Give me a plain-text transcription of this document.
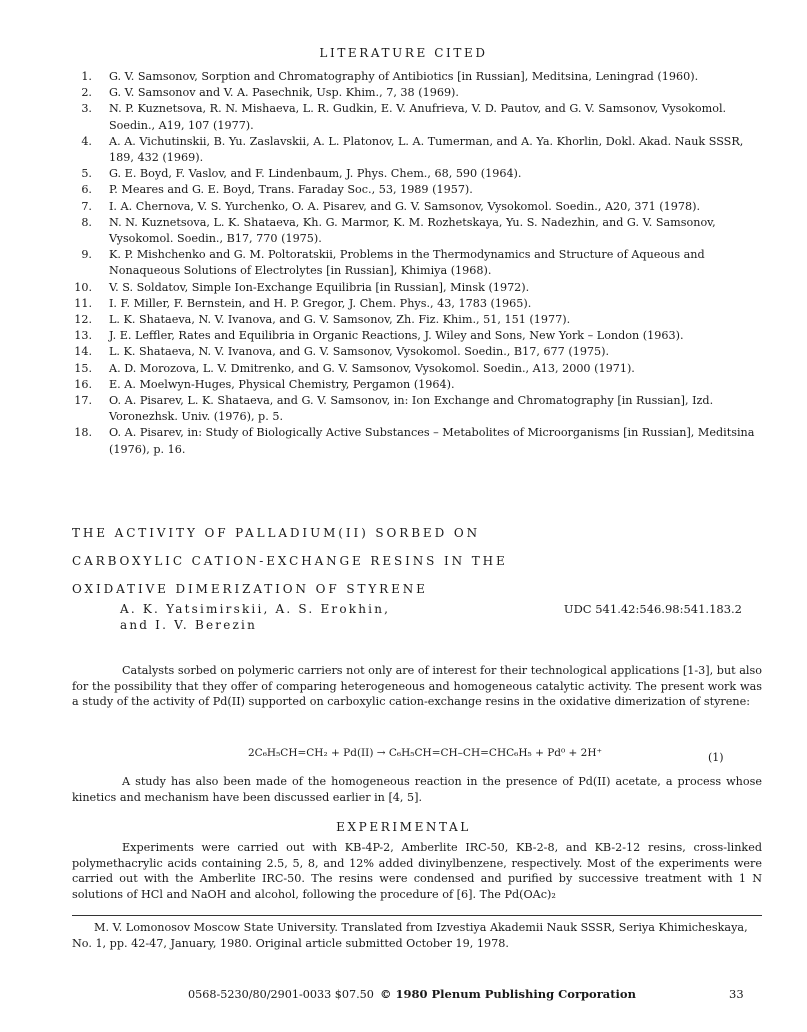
LITERATURE CITED
1. G. V. Samsonov, Sorption and Chromatography of Antibiotics [in Russian], Meditsina, Leningrad (1960).
2. G. V. Samsonov and V. A. Pasechnik, Usp. Khim., 7, 38 (1969).
3. N. P. Kuznetsova, R. N. Mishaeva, L. R. Gudkin, E. V. Anufrieva, V. D. Pautov, and G. V. Samsonov, Vysokomol. Soedin., A19, 107 (1977).
4. A. A. Vichutinskii, B. Yu. Zaslavskii, A. L. Platonov, L. A. Tumerman, and A. Ya. Khorlin, Dokl. Akad. Nauk SSSR, 189, 432 (1969).
5. G. E. Boyd, F. Vaslov, and F. Lindenbaum, J. Phys. Chem., 68, 590 (1964).
6. P. Meares and G. E. Boyd, Trans. Faraday Soc., 53, 1989 (1957).
7. I. A. Chernova, V. S. Yurchenko, O. A. Pisarev, and G. V. Samsonov, Vysokomol. Soedin., A20, 371 (1978).
8. N. N. Kuznetsova, L. K. Shataeva, Kh. G. Marmor, K. M. Rozhetskaya, Yu. S. Nadezhin, and G. V. Samsonov, Vysokomol. Soedin., B17, 770 (1975).
9. K. P. Mishchenko and G. M. Poltoratskii, Problems in the Thermodynamics and Structure of Aqueous and Nonaqueous Solutions of Electrolytes [in Russian], Khimiya (1968).
10. V. S. Soldatov, Simple Ion-Exchange Equilibria [in Russian], Minsk (1972).
11. I. F. Miller, F. Bernstein, and H. P. Gregor, J. Chem. Phys., 43, 1783 (1965).
12. L. K. Shataeva, N. V. Ivanova, and G. V. Samsonov, Zh. Fiz. Khim., 51, 151 (1977).
13. J. E. Leffler, Rates and Equilibria in Organic Reactions, J. Wiley and Sons, New York – London (1963).
14. L. K. Shataeva, N. V. Ivanova, and G. V. Samsonov, Vysokomol. Soedin., B17, 677 (1975).
15. A. D. Morozova, L. V. Dmitrenko, and G. V. Samsonov, Vysokomol. Soedin., A13, 2000 (1971).
16. E. A. Moelwyn-Huges, Physical Chemistry, Pergamon (1964).
17. O. A. Pisarev, L. K. Shataeva, and G. V. Samsonov, in: Ion Exchange and Chromatography [in Russian], Izd. Voronezhsk. Univ. (1976), p. 5.
18. O. A. Pisarev, in: Study of Biologically Active Substances – Metabolites of Microorganisms [in Russian], Meditsina (1976), p. 16.
THE ACTIVITY OF PALLADIUM(II) SORBED ON
CARBOXYLIC CATION-EXCHANGE RESINS IN THE
OXIDATIVE DIMERIZATION OF STYRENE
A. K. Yatsimirskii, A. S. Erokhin,
and I. V. Berezin
UDC 541.42:546.98:541.183.2

Catalysts sorbed on polymeric carriers not only are of interest for their technological applications [1-3], but also for the possibility that they offer of comparing heterogeneous and homogeneous catalytic activity. The present work was a study of the activity of Pd(II) supported on carboxylic cation-exchange resins in the oxidative dimerization of styrene:

2C₆H₅CH=CH₂ + Pd(II) → C₆H₅CH=CH–CH=CHC₆H₅ + Pd⁰ + 2H⁺	(1)

A study has also been made of the homogeneous reaction in the presence of Pd(II) acetate, a process whose kinetics and mechanism have been discussed earlier in [4, 5].

EXPERIMENTAL

Experiments were carried out with KB-4P-2, Amberlite IRC-50, KB-2-8, and KB-2-12 resins, cross-linked polymethacrylic acids containing 2.5, 5, 8, and 12% added divinylbenzene, respectively. Most of the experiments were carried out with the Amberlite IRC-50. The resins were condensed and purified by successive treatment with 1 N solutions of HCl and NaOH and alcohol, following the procedure of [6]. The Pd(OAc)₂

M. V. Lomonosov Moscow State University. Translated from Izvestiya Akademii Nauk SSSR, Seriya Khimicheskaya, No. 1, pp. 42-47, January, 1980. Original article submitted October 19, 1978.

0568-5230/80/2901-0033 $07.50 © 1980 Plenum Publishing Corporation	33
